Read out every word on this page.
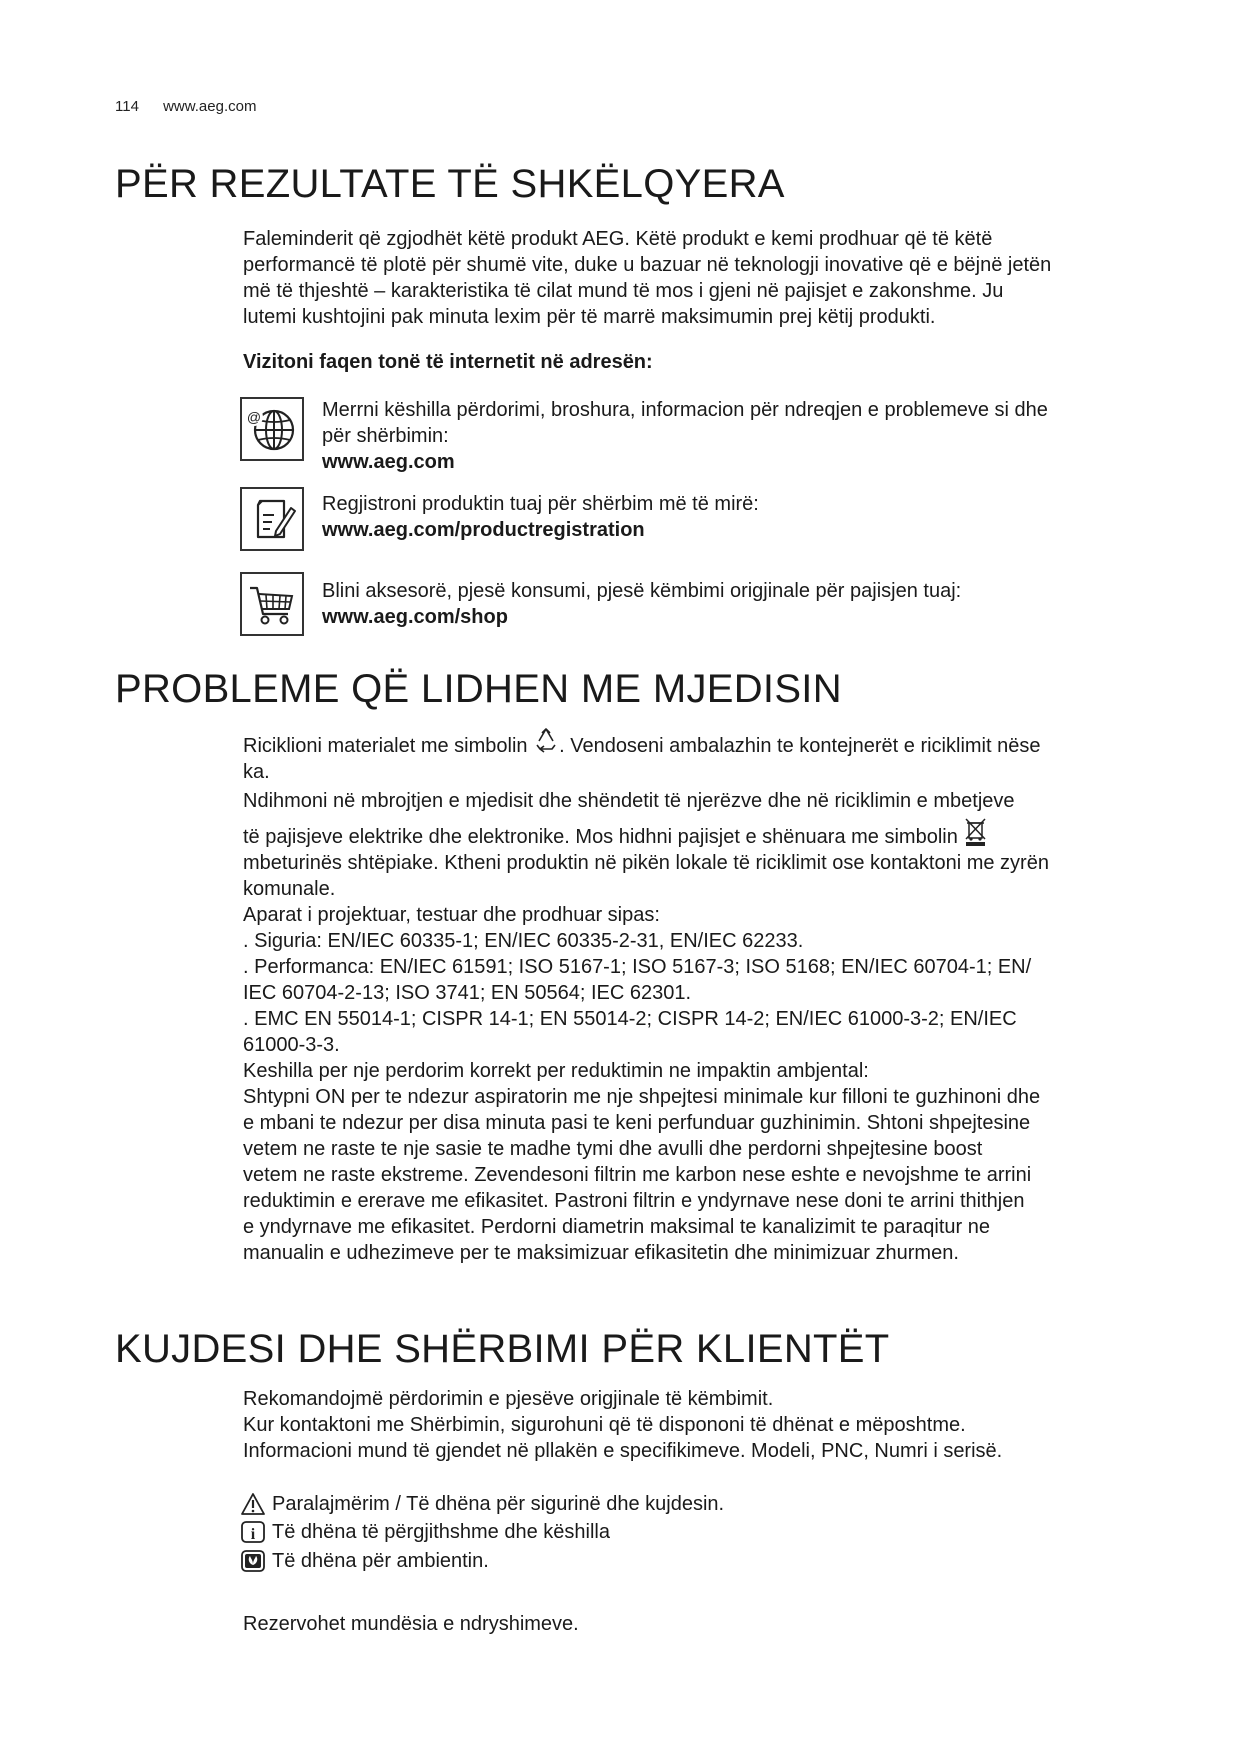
114 www.aeg.com
PËR REZULTATE TË SHKËLQYERA

Faleminderit që zgjodhët këtë produkt AEG. Këtë produkt e kemi prodhuar që të këtë

performancë të plotë për shumë vite, duke u bazuar në teknologji inovative që e bëjnë jetën

më të thjeshtë – karakteristika të cilat mund të mos i gjeni në pajisjet e zakonshme. Ju

lutemi kushtojini pak minuta lexim për të marrë maksimumin prej këtij produkti.

Vizitoni faqen tonë të internetit në adresën:
@	Merrni këshilla përdorimi, broshura, informacion për ndreqjen e problemeve si dhe
për shërbimin:
www.aeg.com
Regjistroni produktin tuaj për shërbim më të mirë:
www.aeg.com/productregistration
Blini aksesorë, pjesë konsumi, pjesë këmbimi origjinale për pajisjen tuaj:
www.aeg.com/shop
PROBLEME QË LIDHEN ME MJEDISIN

Riciklioni materialet me simbolin . Vendoseni ambalazhin te kontejnerët e riciklimit nëse

ka.

Ndihmoni në mbrojtjen e mjedisit dhe shëndetit të njerëzve dhe në riciklimin e mbetjeve

të pajisjeve elektrike dhe elektronike. Mos hidhni pajisjet e shënuara me simbolin

mbeturinës shtëpiake. Ktheni produktin në pikën lokale të riciklimit ose kontaktoni me zyrën

komunale.

Aparat i projektuar, testuar dhe prodhuar sipas:

. Siguria: EN/IEC 60335-1; EN/IEC 60335-2-31, EN/IEC 62233.

. Performanca: EN/IEC 61591; ISO 5167-1; ISO 5167-3; ISO 5168; EN/IEC 60704-1; EN/

IEC 60704-2-13; ISO 3741; EN 50564; IEC 62301.

. EMC EN 55014-1; CISPR 14-1; EN 55014-2; CISPR 14-2; EN/IEC 61000-3-2; EN/IEC

61000-3-3.

Keshilla per nje perdorim korrekt per reduktimin ne impaktin ambjental:

Shtypni ON per te ndezur aspiratorin me nje shpejtesi minimale kur filloni te guzhinoni dhe

e mbani te ndezur per disa minuta pasi te keni perfunduar guzhinimin. Shtoni shpejtesine

vetem ne raste te nje sasie te madhe tymi dhe avulli dhe perdorni shpejtesine boost

vetem ne raste ekstreme. Zevendesoni filtrin me karbon nese eshte e nevojshme te arrini

reduktimin e ererave me efikasitet. Pastroni filtrin e yndyrnave nese doni te arrini thithjen

e yndyrnave me efikasitet. Perdorni diametrin maksimal te kanalizimit te paraqitur ne

manualin e udhezimeve per te maksimizuar efikasitetin dhe minimizuar zhurmen.

KUJDESI DHE SHËRBIMI PËR KLIENTËT

Rekomandojmë përdorimin e pjesëve origjinale të këmbimit.

Kur kontaktoni me Shërbimin, sigurohuni që të dispononi të dhënat e mëposhtme.

Informacioni mund të gjendet në pllakën e specifikimeve. Modeli, PNC, Numri i serisë.

Paralajmërim / Të dhëna për sigurinë dhe kujdesin.
i Të dhëna të përgjithshme dhe këshilla
Të dhëna për ambientin.
Rezervohet mundësia e ndryshimeve.
